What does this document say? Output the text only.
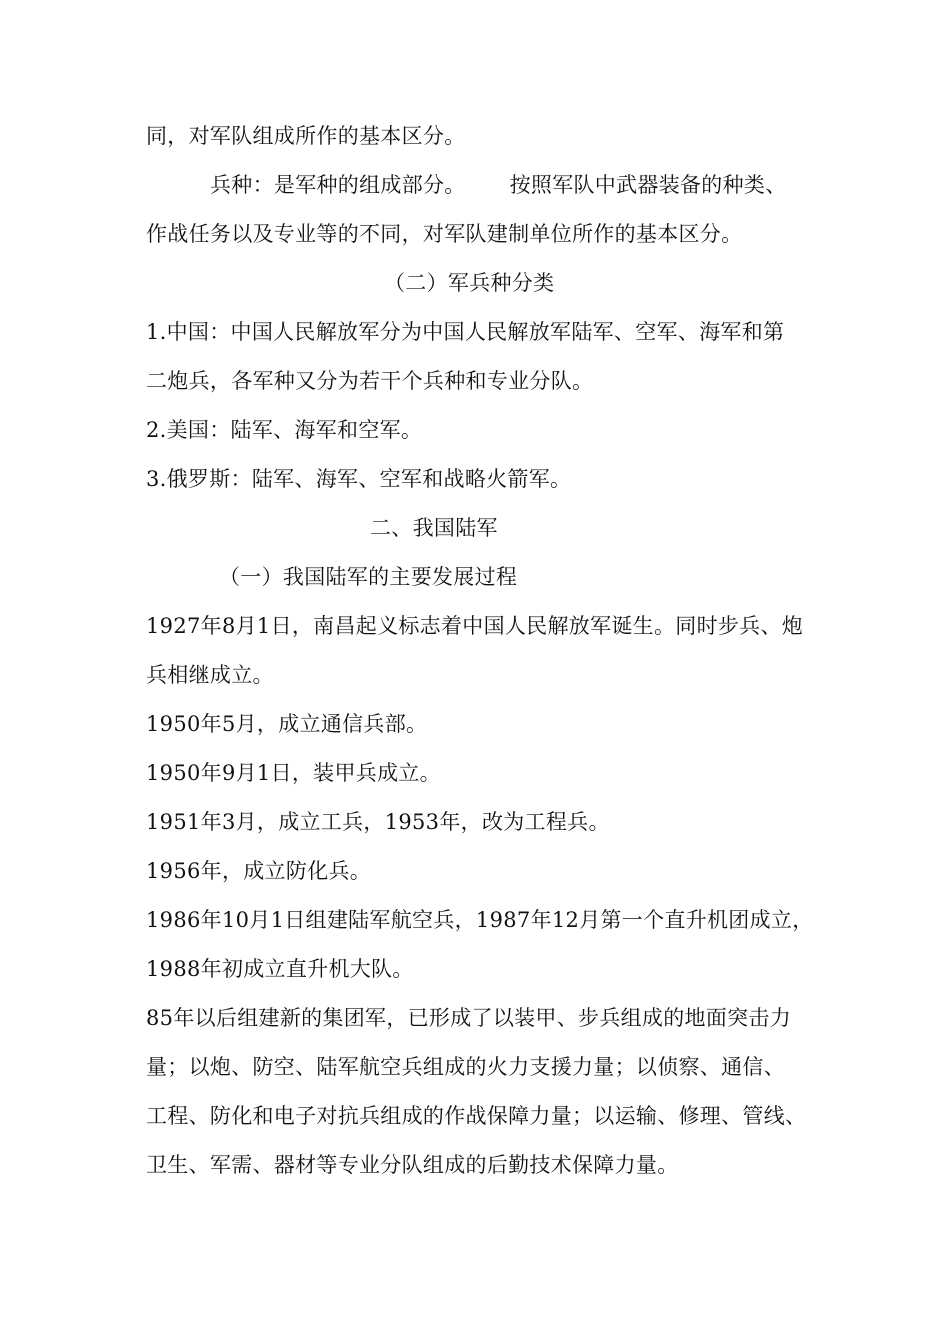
同，对军队组成所作的基本区分。
兵种：是军种的组成部分。 按照军队中武器装备的种类、
作战任务以及专业等的不同，对军队建制单位所作的基本区分。
（二）军兵种分类
1.中国：中国人民解放军分为中国人民解放军陆军、空军、海军和第
二炮兵，各军种又分为若干个兵种和专业分队。
2.美国：陆军、海军和空军。
3.俄罗斯：陆军、海军、空军和战略火箭军。
二、我国陆军
（一）我国陆军的主要发展过程
1927年8月1日，南昌起义标志着中国人民解放军诞生。同时步兵、炮
兵相继成立。
1950年5月，成立通信兵部。
1950年9月1日，装甲兵成立。
1951年3月，成立工兵，1953年，改为工程兵。
1956年，成立防化兵。
1986年10月1日组建陆军航空兵，1987年12月第一个直升机团成立，
1988年初成立直升机大队。
85年以后组建新的集团军，已形成了以装甲、步兵组成的地面突击力
量；以炮、防空、陆军航空兵组成的火力支援力量；以侦察、通信、
工程、防化和电子对抗兵组成的作战保障力量；以运输、修理、管线、
卫生、军需、器材等专业分队组成的后勤技术保障力量。
